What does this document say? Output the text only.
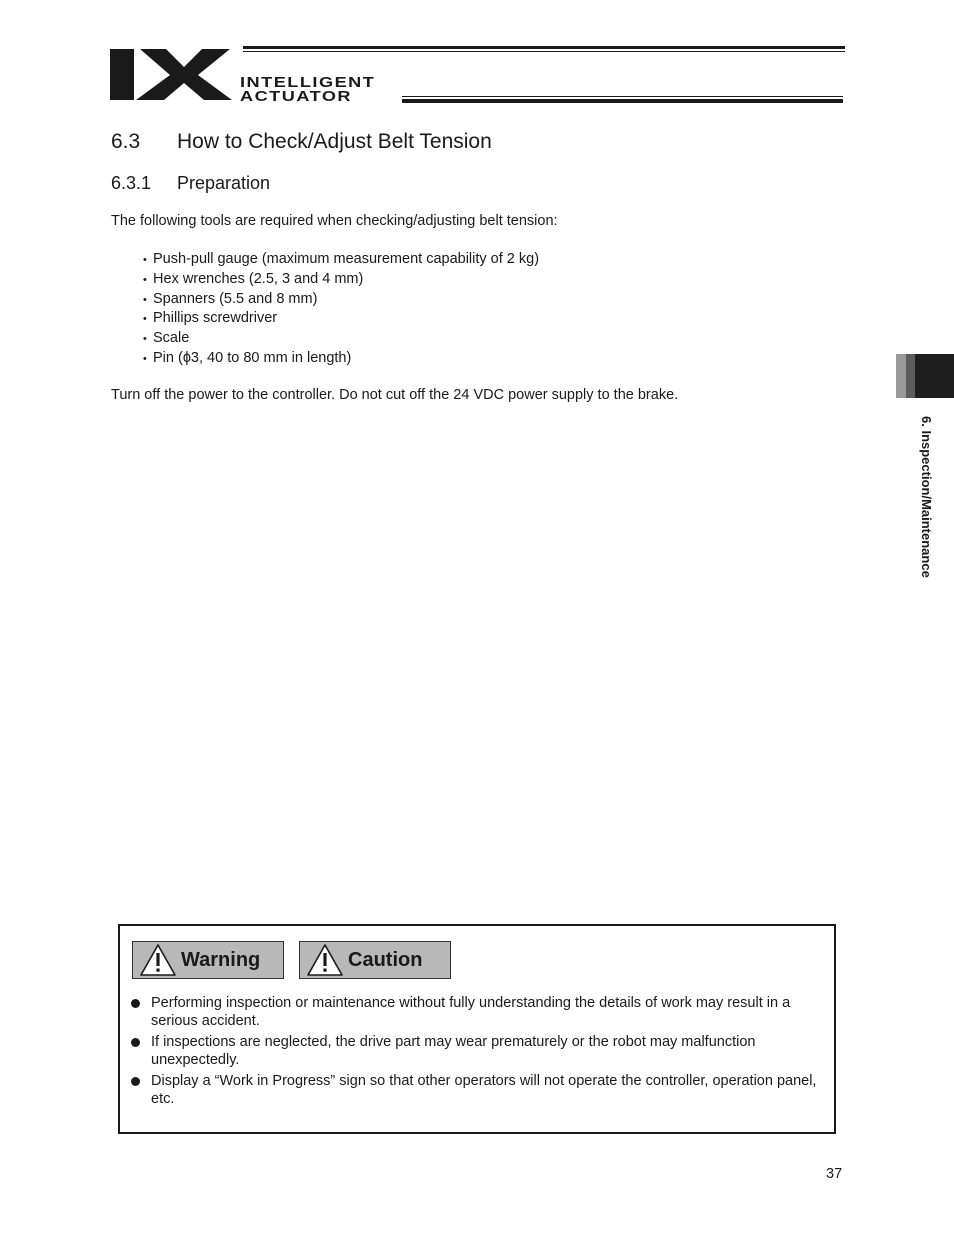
INTELLIGENT
ACTUATOR
6.3 How to Check/Adjust Belt Tension
6.3.1 Preparation
The following tools are required when checking/adjusting belt tension:
• Push-pull gauge (maximum measurement capability of 2 kg)
• Hex wrenches (2.5, 3 and 4 mm)
• Spanners (5.5 and 8 mm)
• Phillips screwdriver
• Scale
• Pin (ϕ3, 40 to 80 mm in length)
Turn off the power to the controller. Do not cut off the 24 VDC power supply to the brake.
6. Inspection/Maintenance
Warning	Caution
Performing inspection or maintenance without fully understanding the details of work may result in a serious accident.
If inspections are neglected, the drive part may wear prematurely or the robot may malfunction unexpectedly.
Display a “Work in Progress” sign so that other operators will not operate the controller, operation panel, etc.
37
